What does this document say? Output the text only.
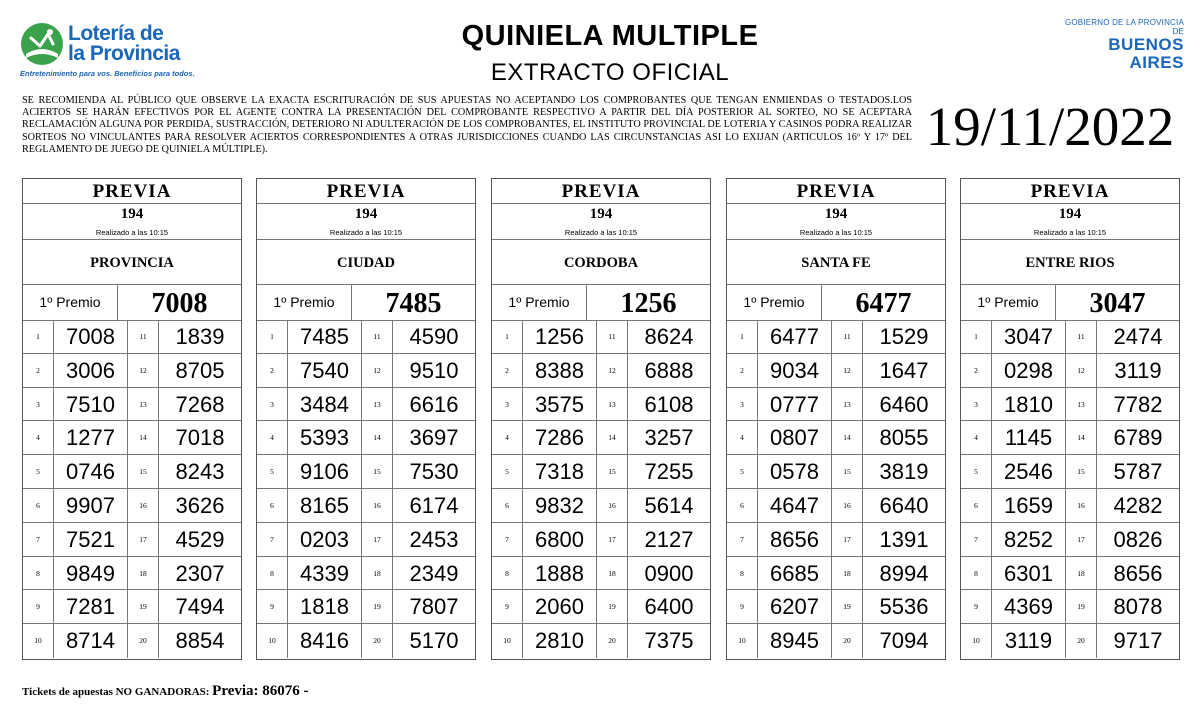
Lotería de
la Provincia
Entretenimiento para vos. Beneficios para todos.
QUINIELA MULTIPLE
EXTRACTO OFICIAL
GOBIERNO DE LA PROVINCIA DE
BUENOS AIRES
SE RECOMIENDA AL PÚBLICO QUE OBSERVE LA EXACTA ESCRITURACIÓN DE SUS APUESTAS NO ACEPTANDO LOS COMPROBANTES QUE TENGAN ENMIENDAS O TESTADOS.LOS ACIERTOS SE HARÁN EFECTIVOS POR EL AGENTE CONTRA LA PRESENTACIÓN DEL COMPROBANTE RESPECTIVO A PARTIR DEL DÍA POSTERIOR AL SORTEO, NO SE ACEPTARA RECLAMACIÓN ALGUNA POR PERDIDA, SUSTRACCIÓN, DETERIORO NI ADULTERACIÓN DE LOS COMPROBANTES, EL INSTITUTO PROVINCIAL DE LOTERIA Y CASINOS PODRA REALIZAR SORTEOS NO VINCULANTES PARA RESOLVER ACIERTOS CORRESPONDIENTES A OTRAS JURISDICCIONES CUANDO LAS CIRCUNSTANCIAS ASI LO EXIJAN (ARTICULOS 16º Y 17º DEL REGLAMENTO DE JUEGO DE QUINIELA MÚLTIPLE).	19/11/2022
PREVIA
194
Realizado a las 10:15
PROVINCIA
1º Premio	7008
1	7008	11	1839
2	3006	12	8705
3	7510	13	7268
4	1277	14	7018
5	0746	15	8243
6	9907	16	3626
7	7521	17	4529
8	9849	18	2307
9	7281	19	7494
10	8714	20	8854
PREVIA
194
Realizado a las 10:15
CIUDAD
1º Premio	7485
1	7485	11	4590
2	7540	12	9510
3	3484	13	6616
4	5393	14	3697
5	9106	15	7530
6	8165	16	6174
7	0203	17	2453
8	4339	18	2349
9	1818	19	7807
10	8416	20	5170
PREVIA
194
Realizado a las 10:15
CORDOBA
1º Premio	1256
1	1256	11	8624
2	8388	12	6888
3	3575	13	6108
4	7286	14	3257
5	7318	15	7255
6	9832	16	5614
7	6800	17	2127
8	1888	18	0900
9	2060	19	6400
10	2810	20	7375
PREVIA
194
Realizado a las 10:15
SANTA FE
1º Premio	6477
1	6477	11	1529
2	9034	12	1647
3	0777	13	6460
4	0807	14	8055
5	0578	15	3819
6	4647	16	6640
7	8656	17	1391
8	6685	18	8994
9	6207	19	5536
10	8945	20	7094
PREVIA
194
Realizado a las 10:15
ENTRE RIOS
1º Premio	3047
1	3047	11	2474
2	0298	12	3119
3	1810	13	7782
4	1145	14	6789
5	2546	15	5787
6	1659	16	4282
7	8252	17	0826
8	6301	18	8656
9	4369	19	8078
10	3119	20	9717
Tickets de apuestas NO GANADORAS: Previa: 86076 -
